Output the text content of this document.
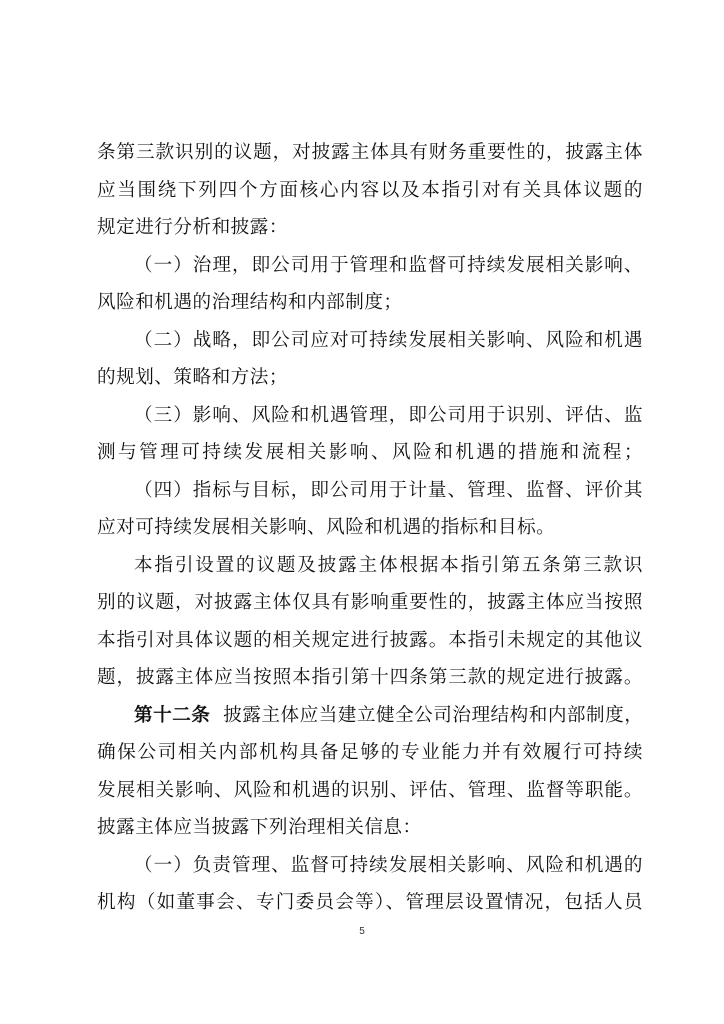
条第三款识别的议题，对披露主体具有财务重要性的，披露主体
应当围绕下列四个方面核心内容以及本指引对有关具体议题的
规定进行分析和披露：
（一）治理，即公司用于管理和监督可持续发展相关影响、
风险和机遇的治理结构和内部制度；
（二）战略，即公司应对可持续发展相关影响、风险和机遇
的规划、策略和方法；
（三）影响、风险和机遇管理，即公司用于识别、评估、监
测与管理可持续发展相关影响、风险和机遇的措施和流程；
（四）指标与目标，即公司用于计量、管理、监督、评价其
应对可持续发展相关影响、风险和机遇的指标和目标。
本指引设置的议题及披露主体根据本指引第五条第三款识
别的议题，对披露主体仅具有影响重要性的，披露主体应当按照
本指引对具体议题的相关规定进行披露。本指引未规定的其他议
题，披露主体应当按照本指引第十四条第三款的规定进行披露。
第十二条 披露主体应当建立健全公司治理结构和内部制度，
确保公司相关内部机构具备足够的专业能力并有效履行可持续
发展相关影响、风险和机遇的识别、评估、管理、监督等职能。
披露主体应当披露下列治理相关信息：
（一）负责管理、监督可持续发展相关影响、风险和机遇的
机构（如董事会、专门委员会等）、管理层设置情况，包括人员
5
